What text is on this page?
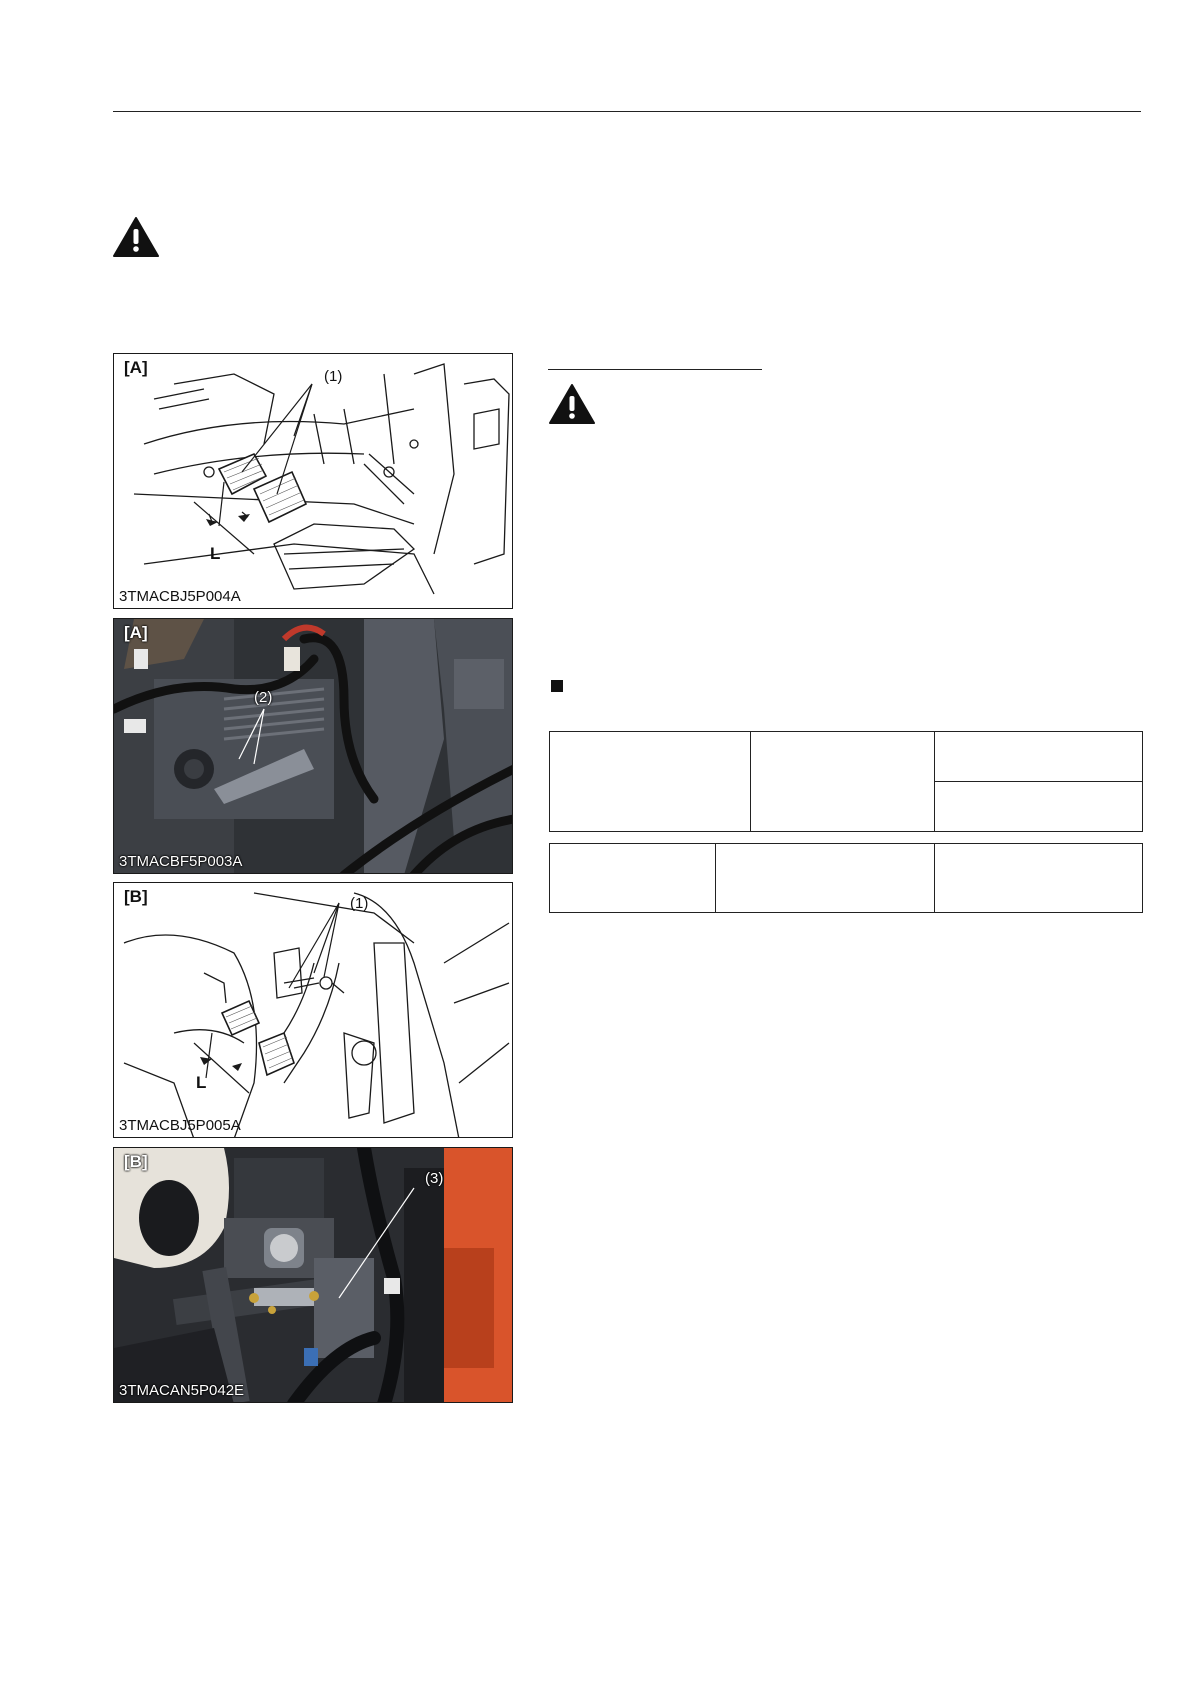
[A]	(1)
L
3TMACBJ5P004A
[A]
(2)
3TMACBF5P003A
[B]	(1)
L
3TMACBJ5P005A
[B]
(3)
3TMACAN5P042E
